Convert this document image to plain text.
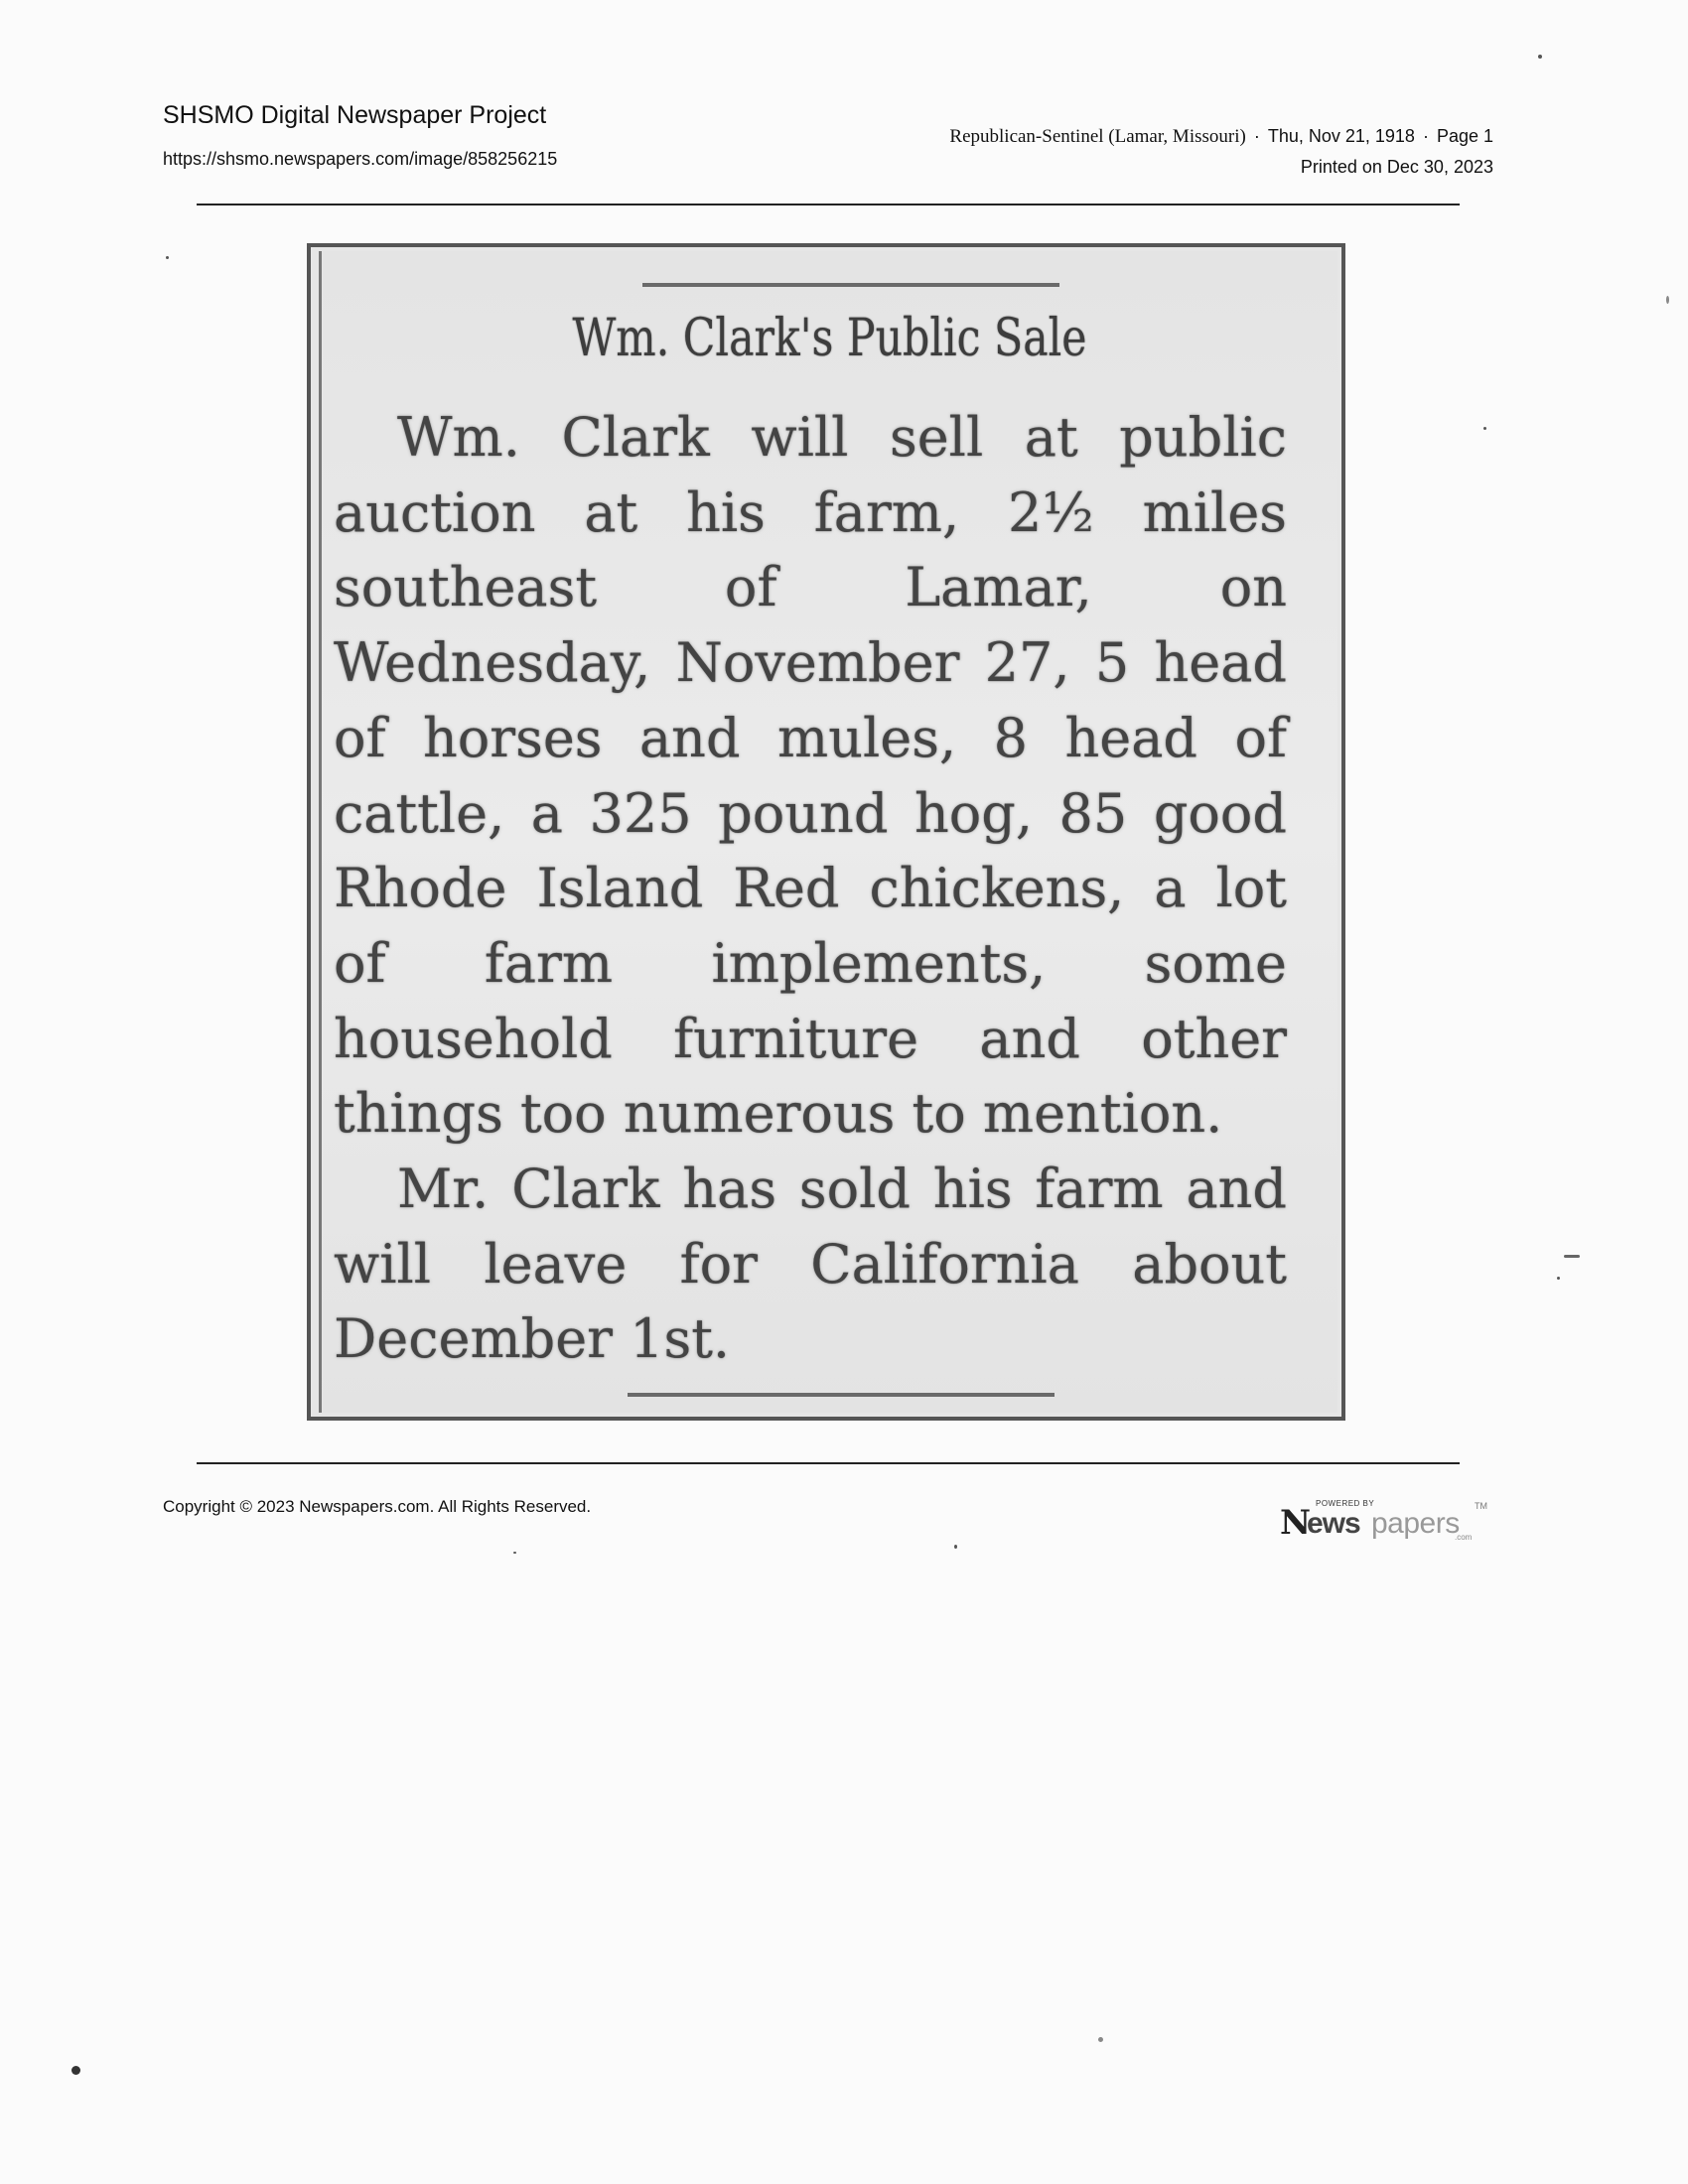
SHSMO Digital Newspaper Project
https://shsmo.newspapers.com/image/858256215
Republican-Sentinel (Lamar, Missouri) · Thu, Nov 21, 1918 · Page 1
Printed on Dec 30, 2023
Wm. Clark's Public Sale

Wm. Clark will sell at public auction at his farm, 2½ miles southeast of Lamar, on Wednesday, November 27, 5 head of horses and mules, 8 head of cattle, a 325 pound hog, 85 good Rhode Island Red chickens, a lot of farm implements, some household furniture and other things too numerous to mention.

Mr. Clark has sold his farm and will leave for California about December 1st.

Copyright © 2023 Newspapers.com. All Rights Reserved.	POWERED BY
N
ews papers
TM
.com
